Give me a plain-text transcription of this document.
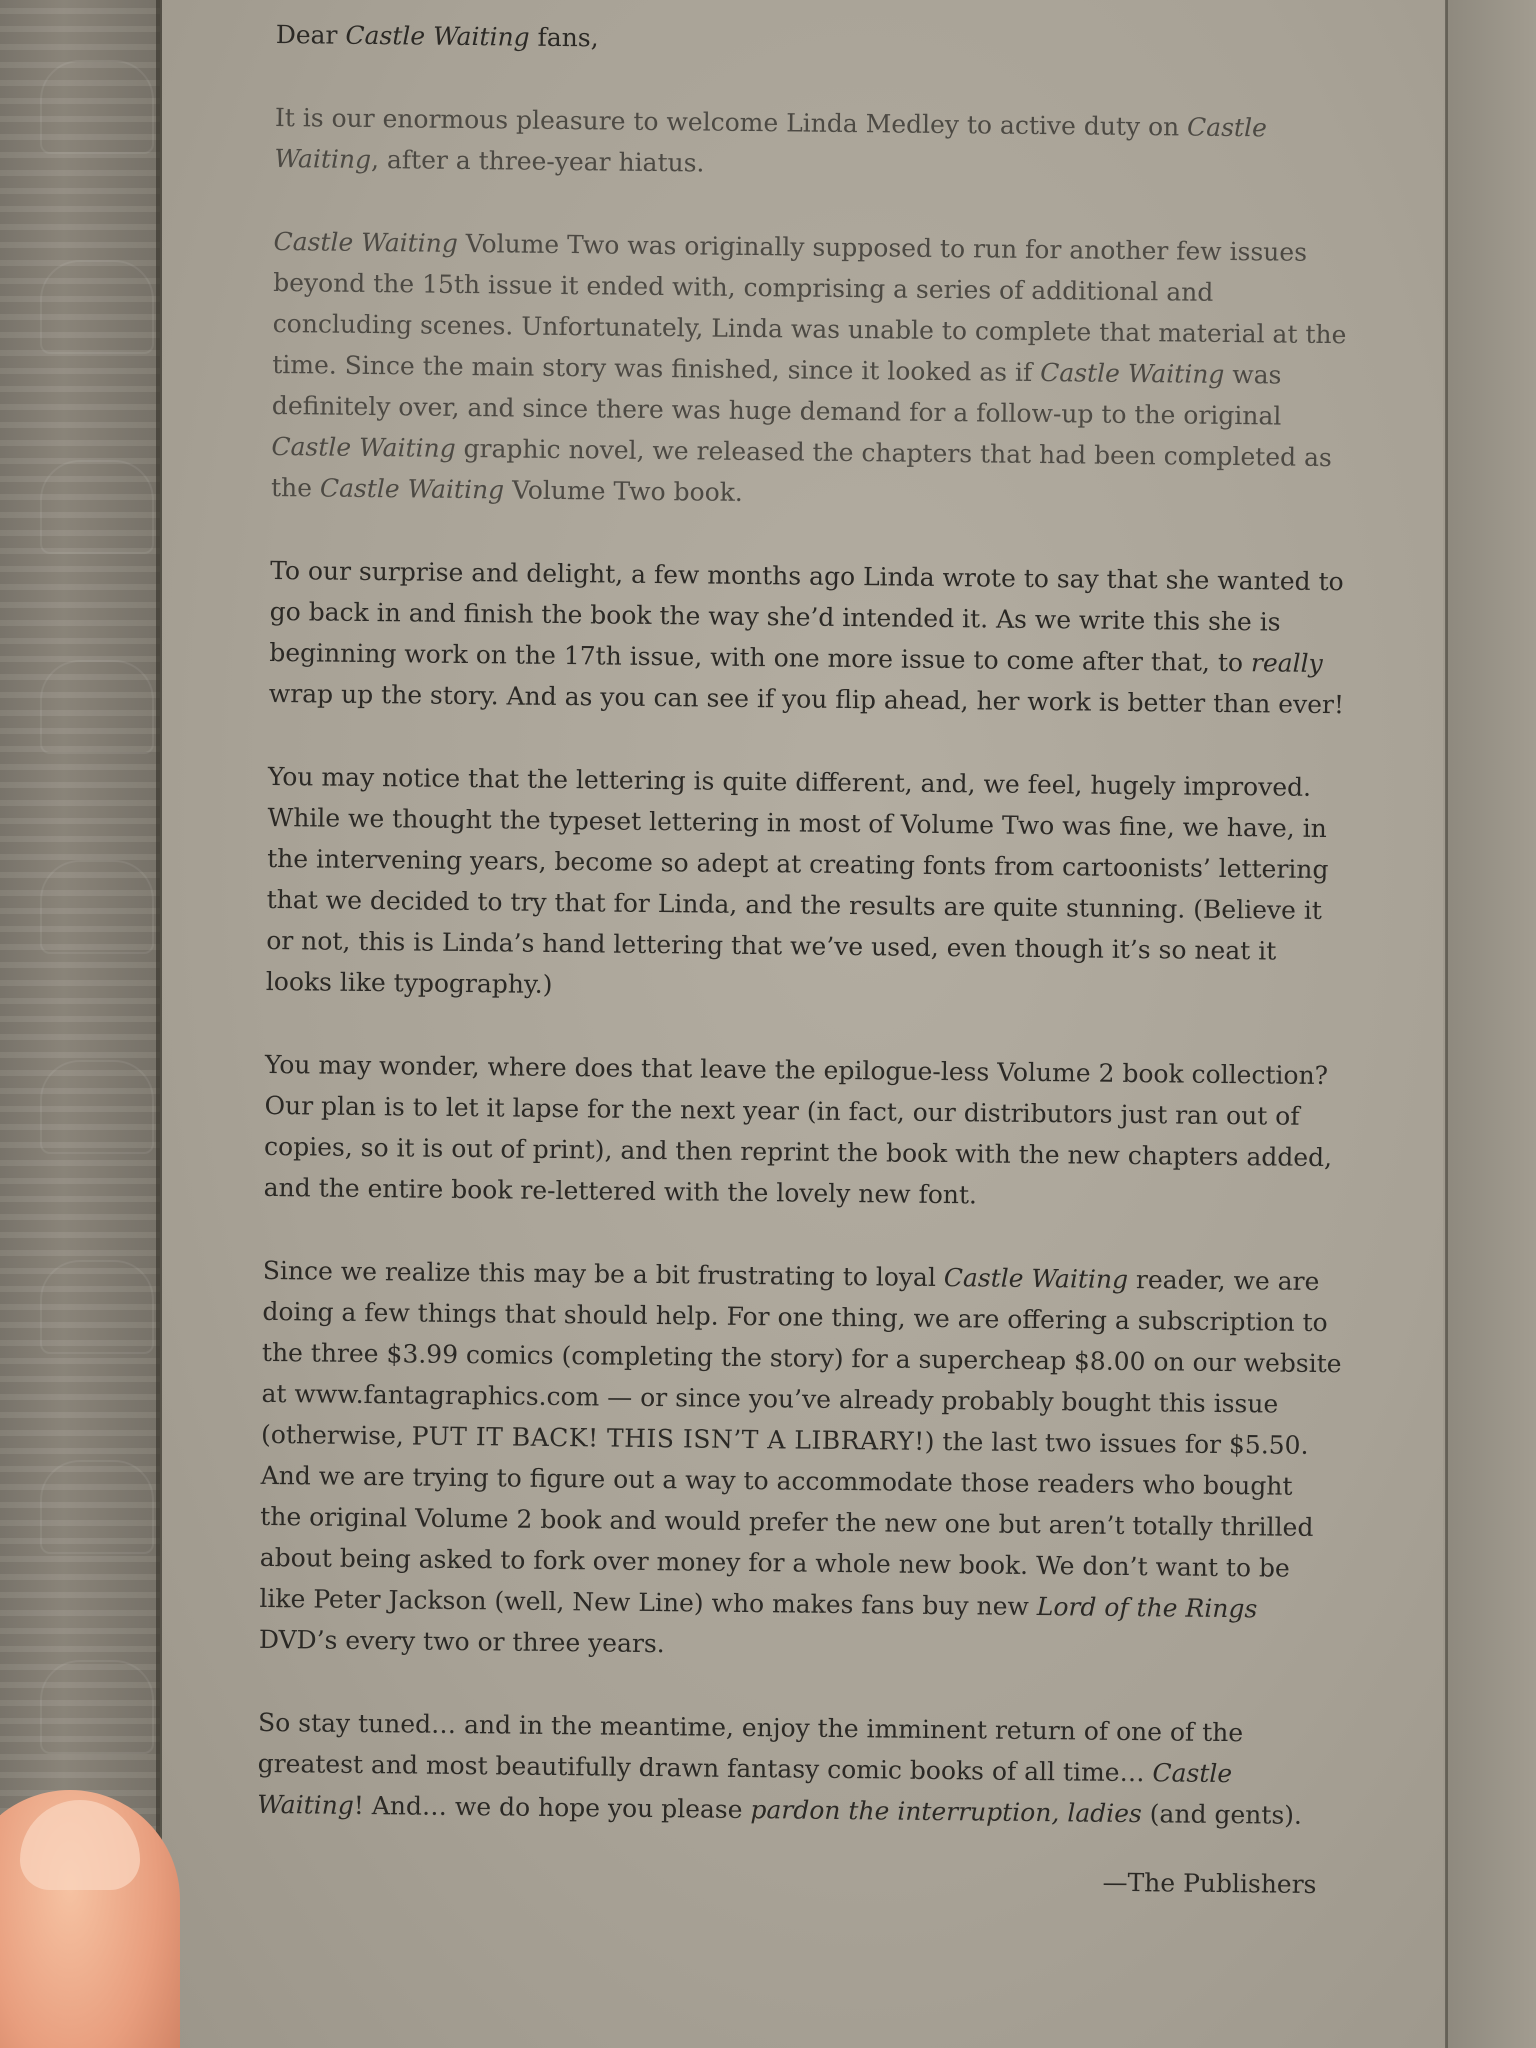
Dear Castle Waiting fans,

It is our enormous pleasure to welcome Linda Medley to active duty on Castle Waiting, after a three-year hiatus.

Castle Waiting Volume Two was originally supposed to run for another few issues beyond the 15th issue it ended with, comprising a series of additional and concluding scenes. Unfortunately, Linda was unable to complete that material at the time. Since the main story was finished, since it looked as if Castle Waiting was definitely over, and since there was huge demand for a follow-up to the original Castle Waiting graphic novel, we released the chapters that had been completed as the Castle Waiting Volume Two book.

To our surprise and delight, a few months ago Linda wrote to say that she wanted to go back in and finish the book the way she’d intended it. As we write this she is beginning work on the 17th issue, with one more issue to come after that, to really wrap up the story. And as you can see if you flip ahead, her work is better than ever!

You may notice that the lettering is quite different, and, we feel, hugely improved. While we thought the typeset lettering in most of Volume Two was fine, we have, in the intervening years, become so adept at creating fonts from cartoonists’ lettering that we decided to try that for Linda, and the results are quite stunning. (Believe it or not, this is Linda’s hand lettering that we’ve used, even though it’s so neat it looks like typography.)

You may wonder, where does that leave the epilogue-less Volume 2 book collection? Our plan is to let it lapse for the next year (in fact, our distributors just ran out of copies, so it is out of print), and then reprint the book with the new chapters added, and the entire book re-lettered with the lovely new font.

Since we realize this may be a bit frustrating to loyal Castle Waiting reader, we are doing a few things that should help. For one thing, we are offering a subscription to the three $3.99 comics (completing the story) for a supercheap $8.00 on our website at www.fantagraphics.com — or since you’ve already probably bought this issue (otherwise, PUT IT BACK! THIS ISN’T A LIBRARY!) the last two issues for $5.50. And we are trying to figure out a way to accommodate those readers who bought the original Volume 2 book and would prefer the new one but aren’t totally thrilled about being asked to fork over money for a whole new book. We don’t want to be like Peter Jackson (well, New Line) who makes fans buy new Lord of the Rings DVD’s every two or three years.

So stay tuned… and in the meantime, enjoy the imminent return of one of the greatest and most beautifully drawn fantasy comic books of all time… Castle Waiting! And… we do hope you please pardon the interruption, ladies (and gents).

—The Publishers
